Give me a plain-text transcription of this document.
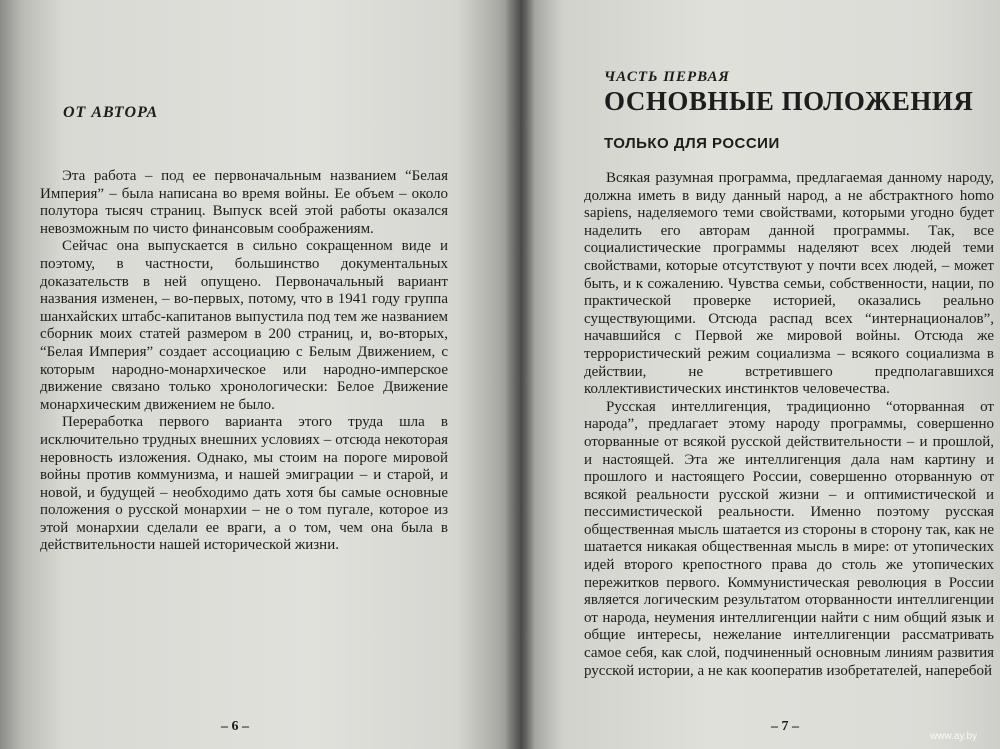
ОТ АВТОРА

Эта работа – под ее первоначальным названием “Белая Империя” – была написана во время войны. Ее объем – около полутора тысяч страниц. Выпуск всей этой работы оказался невозможным по чисто финансовым соображениям.

Сейчас она выпускается в сильно сокращенном виде и поэтому, в частности, большинство документальных доказательств в ней опущено. Первоначальный вариант названия изменен, – во-первых, потому, что в 1941 году группа шанхайских штабс-капитанов выпустила под тем же названием сборник моих статей размером в 200 страниц, и, во-вторых, “Белая Империя” создает ассоциацию с Белым Движением, с которым народно-монархическое или народно-имперское движение связано только хронологически: Белое Движение монархическим движением не было.

Переработка первого варианта этого труда шла в исключительно трудных внешних условиях – отсюда некоторая неровность изложения. Однако, мы стоим на пороге мировой войны против коммунизма, и нашей эмиграции – и старой, и новой, и будущей – необходимо дать хотя бы самые основные положения о русской монархии – не о том пугале, которое из этой монархии сделали ее враги, а о том, чем она была в действительности нашей исторической жизни.

– 6 –
ЧАСТЬ ПЕРВАЯ
ОСНОВНЫЕ ПОЛОЖЕНИЯ
ТОЛЬКО ДЛЯ РОССИИ

Всякая разумная программа, предлагаемая данному народу, должна иметь в виду данный народ, а не абстрактного homo sapiens, наделяемого теми свойствами, которыми угодно будет наделить его авторам данной программы. Так, все социалистические программы наделяют всех людей теми свойствами, которые отсутствуют у почти всех людей, – может быть, и к сожалению. Чувства семьи, собственности, нации, по практической проверке историей, оказались реально существующими. Отсюда распад всех “интернационалов”, начавшийся с Первой же мировой войны. Отсюда же террористический режим социализма – всякого социализма в действии, не встретившего предполагавшихся коллективистических инстинктов человечества.

Русская интеллигенция, традиционно “оторванная от народа”, предлагает этому народу программы, совершенно оторванные от всякой русской действительности – и прошлой, и настоящей. Эта же интеллигенция дала нам картину и прошлого и настоящего России, совершенно оторванную от всякой реальности русской жизни – и оптимистической и пессимистической реальности. Именно поэтому русская общественная мысль шатается из стороны в сторону так, как не шатается никакая общественная мысль в мире: от утопических идей второго крепостного права до столь же утопических пережитков первого. Коммунистическая революция в России является логическим результатом оторванности интеллигенции от народа, неумения интеллигенции найти с ним общий язык и общие интересы, нежелание интеллигенции рассматривать самое себя, как слой, подчиненный основным линиям развития русской истории, а не как кооператив изобретателей, наперебой

– 7 –
www.ay.by
